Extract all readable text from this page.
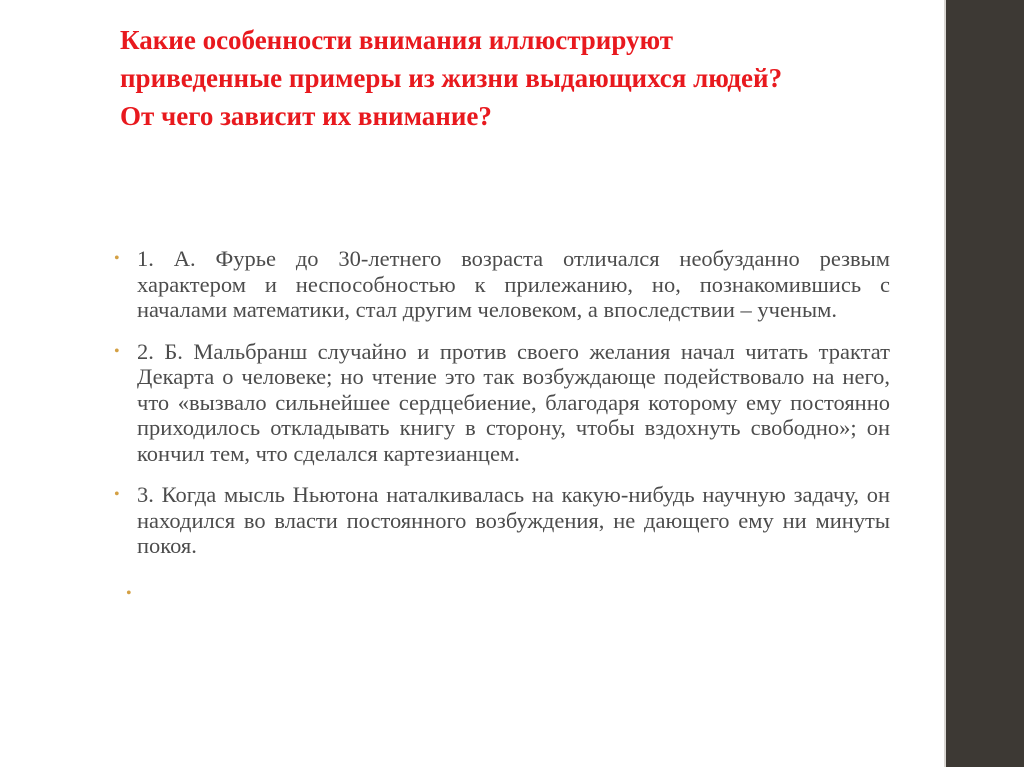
Какие особенности внимания иллюстрируют
приведенные примеры из жизни выдающихся людей?
От чего зависит их внимание?
• 1. А. Фурье до 30-летнего возраста отличался необузданно резвым характером и неспособностью к прилежанию, но, познакомившись с началами математики, стал другим человеком, а впоследствии – ученым.
• 2. Б. Мальбранш случайно и против своего желания начал читать трактат Декарта о человеке; но чтение это так возбуждающе подействовало на него, что «вызвало сильнейшее сердцебиение, благодаря которому ему постоянно приходилось откладывать книгу в сторону, чтобы вздохнуть свободно»; он кончил тем, что сделался картезианцем.
• 3. Когда мысль Ньютона наталкивалась на какую-нибудь научную задачу, он находился во власти постоянного возбуждения, не дающего ему ни минуты покоя.
•
